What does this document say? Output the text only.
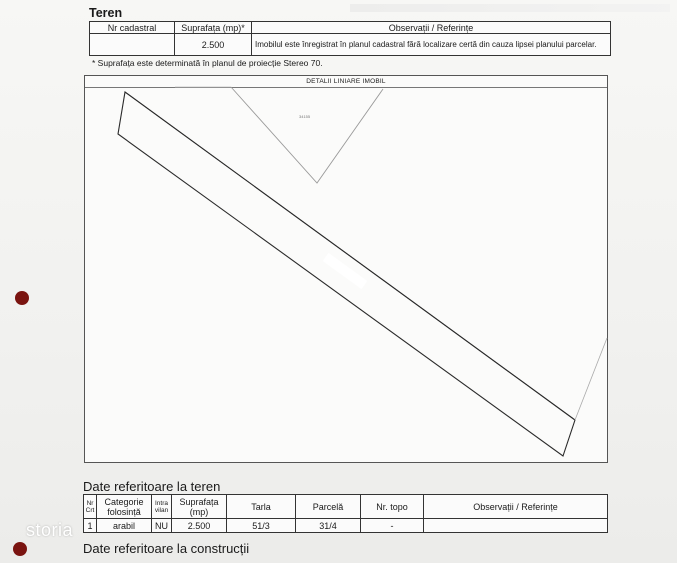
Teren
Nr cadastral	Suprafața (mp)*	Observații / Referințe
	2.500	Imobilul este înregistrat în planul cadastral fără localizare certă din cauza lipsei planului parcelar.
* Suprafața este determinată în planul de proiecție Stereo 70.
DETALII LINIARE IMOBIL
34155
Date referitoare la teren
Nr Crt	Categorie folosință	Intra vilan	Suprafața (mp)	Tarla	Parcelă	Nr. topo	Observații / Referințe
1	arabil	NU	2.500	51/3	31/4	-	
Date referitoare la construcții
storia
